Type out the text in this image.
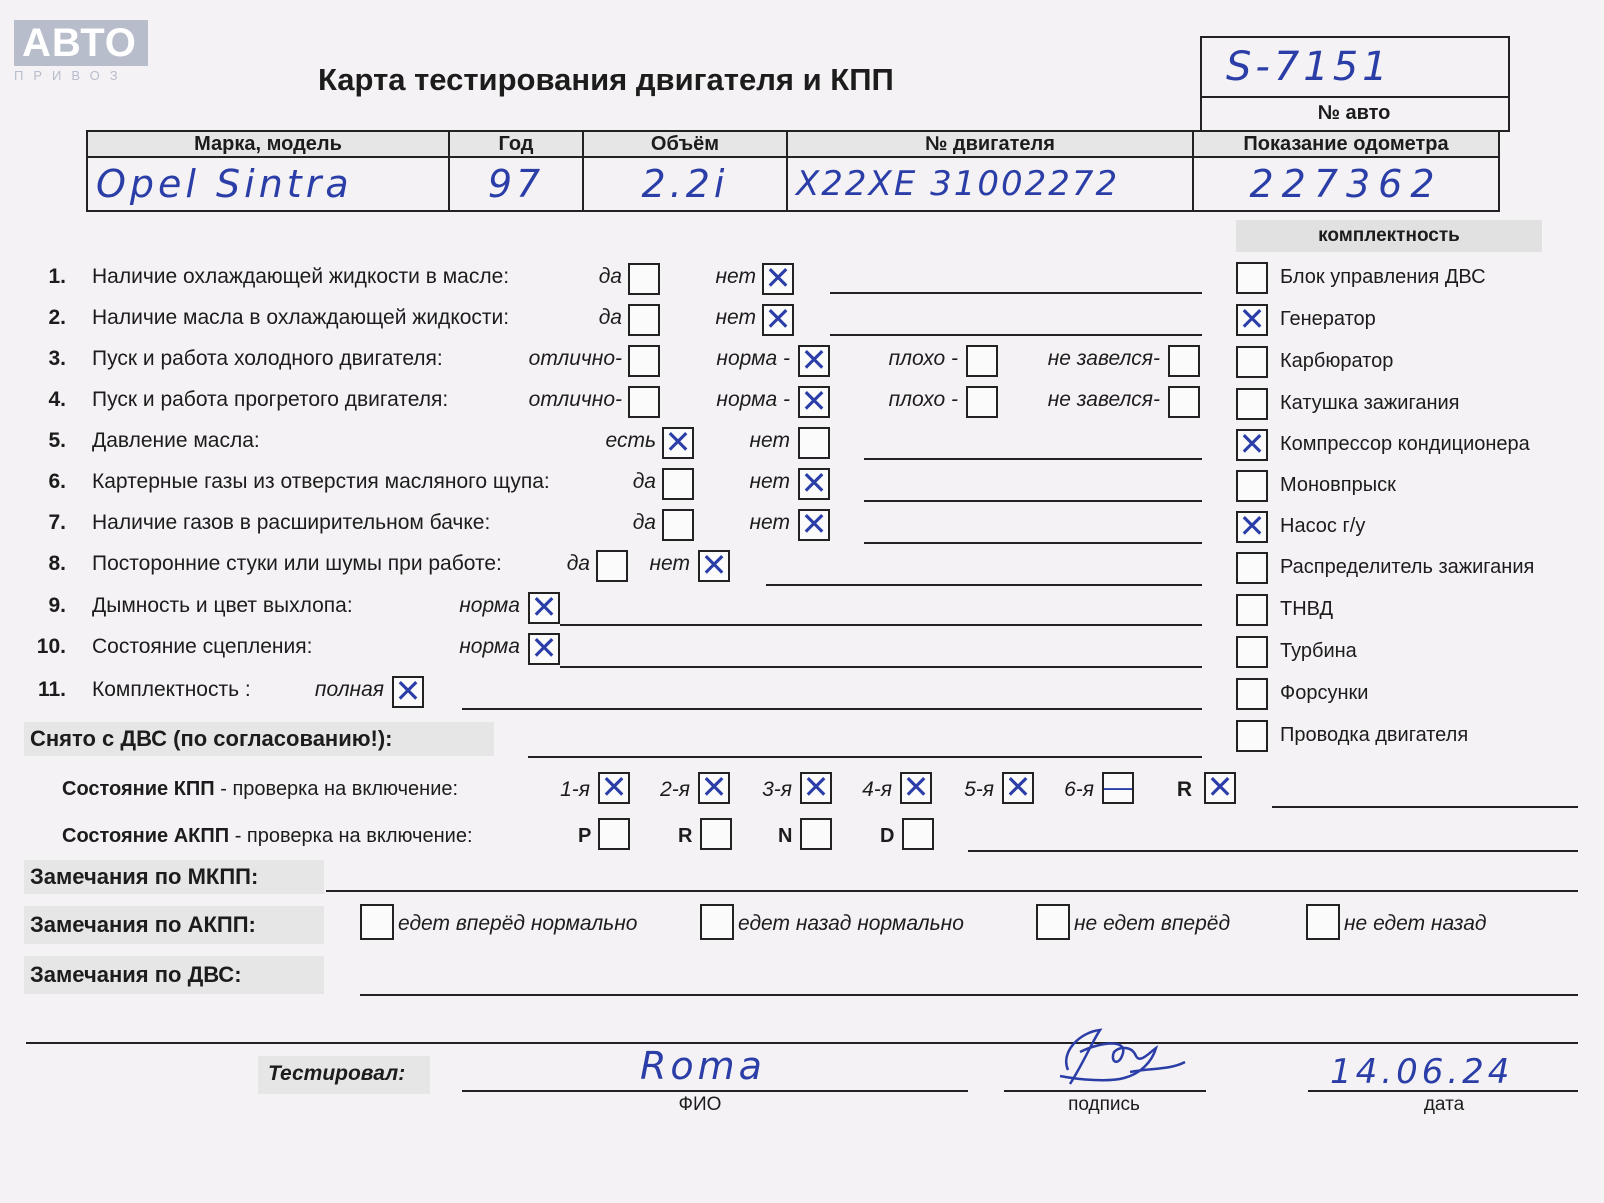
АВТО
ПРИВОЗ	Карта тестирования двигателя и КПП	S-7151
№ авто
Марка, модель	Год	Объём	№ двигателя	Показание одометра
Opel Sintra	97	2.2i	X22XE 31002272	227362
комплектность
1. Наличие охлаждающей жидкости в масле:	да	нет ✕
2. Наличие масла в охлаждающей жидкости:	да	нет ✕
3. Пуск и работа холодного двигателя:	отлично-	норма - ✕	плохо -	не завелся-
4. Пуск и работа прогретого двигателя:	отлично-	норма - ✕	плохо -	не завелся-
5. Давление масла:	есть ✕	нет
6. Картерные газы из отверстия масляного щупа:	да	нет ✕
7. Наличие газов в расширительном бачке:	да	нет ✕
8. Посторонние стуки или шумы при работе:	да	нет ✕
9. Дымность и цвет выхлопа:	норма ✕
10. Состояние сцепления:	норма ✕
11. Комплектность :	полная ✕
Блок управления ДВС
✕ Генератор
Карбюратор
Катушка зажигания
✕ Компрессор кондиционера
Моновпрыск
✕ Насос г/у
Распределитель зажигания
ТНВД
Турбина
Форсунки
Проводка двигателя
Снято с ДВС (по согласованию!):
Состояние КПП - проверка на включение:	1-я ✕	2-я ✕	3-я ✕	4-я ✕	5-я ✕	6-я —	R ✕
Состояние АКПП - проверка на включение:	P	R	N	D
Замечания по МКПП:
Замечания по АКПП:	едет вперёд нормально	едет назад нормально	не едет вперёд	не едет назад
Замечания по ДВС:
Тестировал:	Roma
ФИО	подпись
14.06.24
дата
